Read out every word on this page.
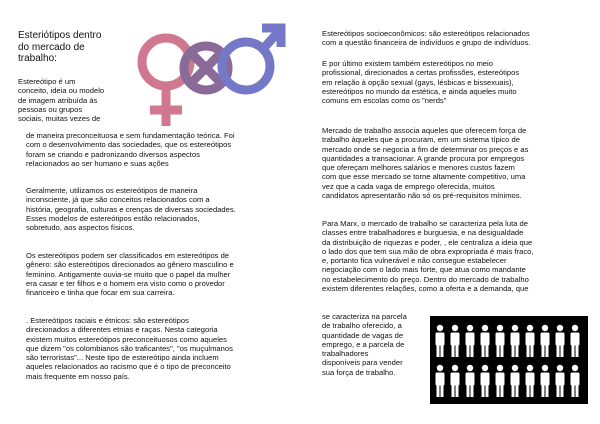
Esteriótipos dentro
do mercado de
trabalho:

Estereótipo é um
conceito, ideia ou modelo
de imagem atribuída às
pessoas ou grupos
sociais, muitas vezes de

de maneira preconceituosa e sem fundamentação teórica. Foi
com o desenvolvimento das sociedades, que os estereótipos
foram se criando e padronizando diversos aspectos
relacionados ao ser humano e suas ações

Geralmente, utilizamos os estereótipos de maneira
inconsciente, já que são conceitos relacionados com a
história, geografia, culturas e crenças de diversas sociedades.
Esses modelos de estereótipos estão relacionados,
sobretudo, aos aspectos físicos.

Os estereótipos podem ser classificados em estereótipos de
gênero: são estereótipos direcionados ao gênero masculino e
feminino. Antigamente ouvia-se muito que o papel da mulher
era casar e ter filhos e o homem era visto como o provedor
financeiro e tinha que focar em sua carreira.

. Estereótipos raciais e étnicos: são estereótipos
direcionados a diferentes etnias e raças. Nesta categoria
existem muitos estereótipos preconceituosos como aqueles
que dizem "os colombianos são traficantes", "os muçulmanos
são terroristas"... Neste tipo de estereótipo ainda incluem
aqueles relacionados ao racismo que é o tipo de preconceito
mais frequente em nosso país.

Estereótipos socioeconômicos: são estereótipos relacionados
com a questão financeira de indivíduos e grupo de indivíduos.

E por último existem também estereótipos no meio
profissional, direcionados a certas profissões, estereótipos
em relação à opção sexual (gays, lésbicas e bissexuais),
estereótipos no mundo da estética, e ainda aqueles muito
comuns em escolas como os "nerds"

Mercado de trabalho associa aqueles que oferecem força de
trabalho àqueles que a procuram, em um sistema típico de
mercado onde se negocia a fim de determinar os preços e as
quantidades a transacionar. A grande procura por empregos
que ofereçam melhores salários e menores custos fazem
com que esse mercado se torne altamente competitivo, uma
vez que a cada vaga de emprego oferecida, muitos
candidatos apresentarão não só os pré-requisitos mínimos.

Para Marx, o mercado de trabalho se caracteriza pela luta de
classes entre trabalhadores e burguesia, e na desigualdade
da distribuição de riquezas e poder, , ele centraliza a ideia que
o lado dos que tem sua mão de obra expropriada é mais fraco,
e, portanto fica vulnerável e não consegue estabelecer
negociação com o lado mais forte, que atua como mandante
no estabelecimento do preço. Dentro do mercado de trabalho
existem diferentes relações, como a oferta e a demanda, que

se caracteriza na parcela
de trabalho oferecido, a
quantidade de vagas de
emprego, e a parcela de
trabalhadores
disponíveis para vender
sua força de trabalho.
